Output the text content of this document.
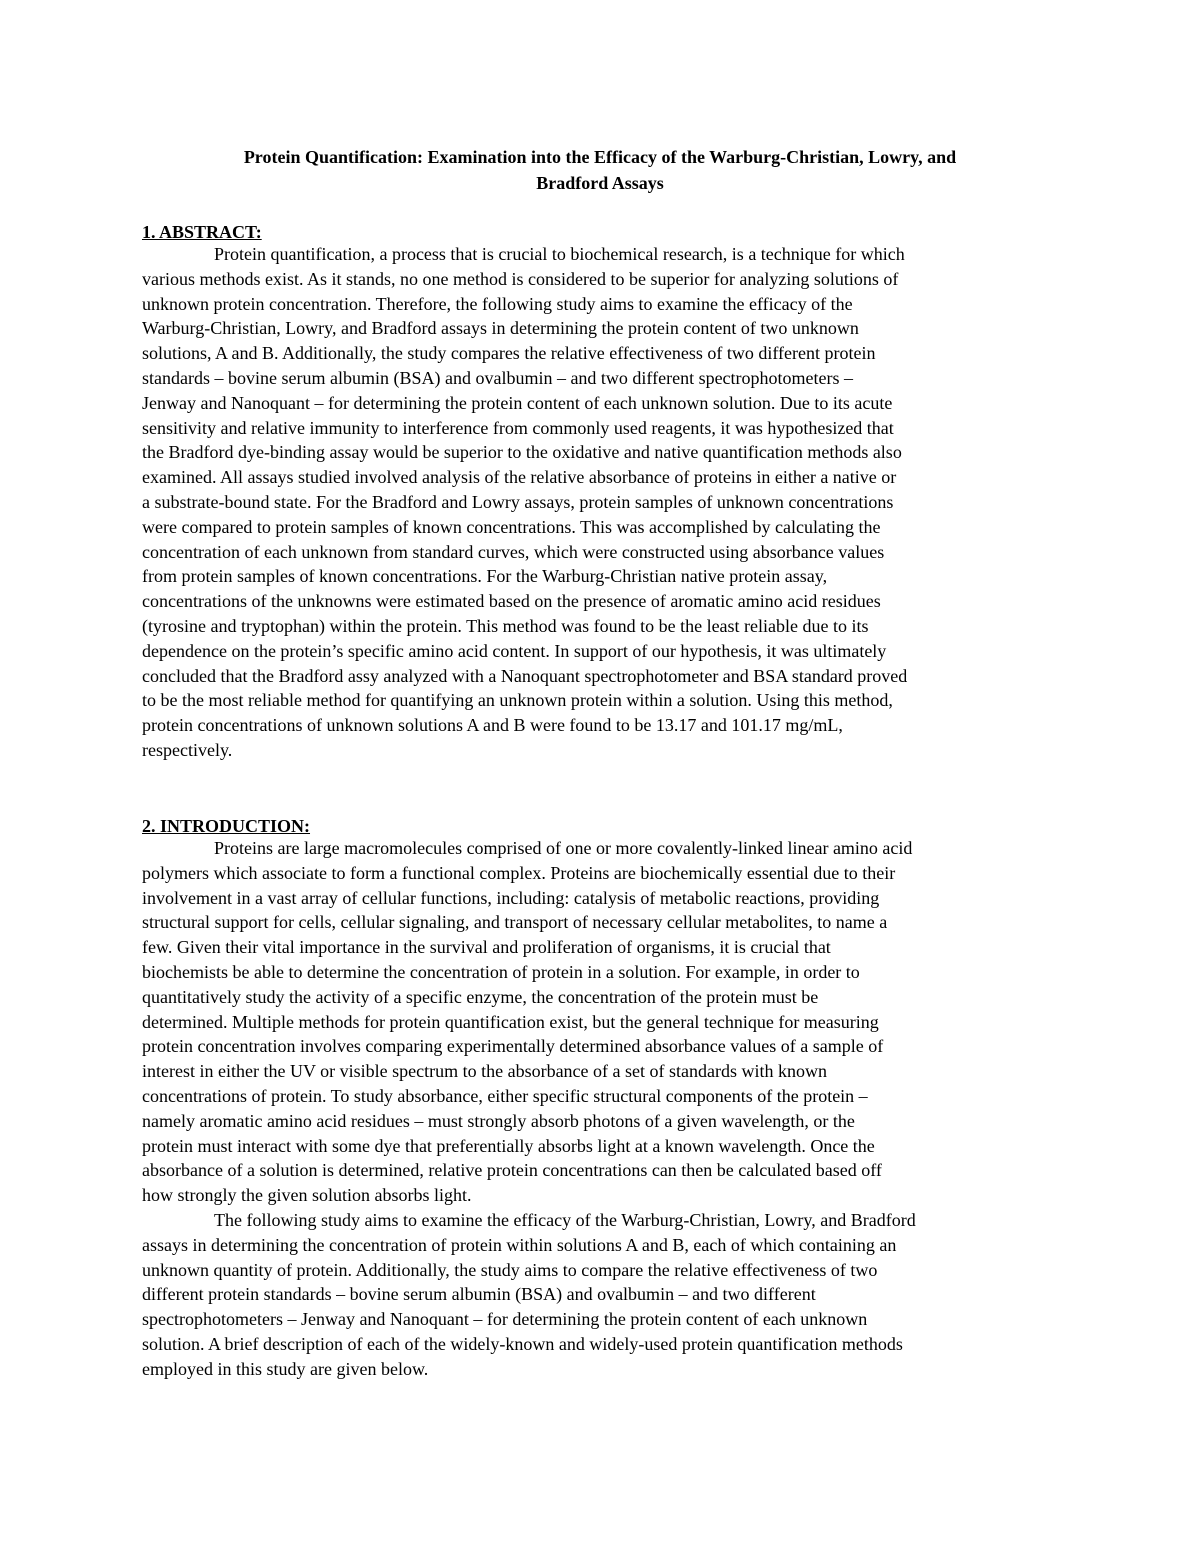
Protein Quantification: Examination into the Efficacy of the Warburg-Christian, Lowry, and
Bradford Assays
1. ABSTRACT:
Protein quantification, a process that is crucial to biochemical research, is a technique for which
various methods exist. As it stands, no one method is considered to be superior for analyzing solutions of
unknown protein concentration. Therefore, the following study aims to examine the efficacy of the
Warburg-Christian, Lowry, and Bradford assays in determining the protein content of two unknown
solutions, A and B. Additionally, the study compares the relative effectiveness of two different protein
standards – bovine serum albumin (BSA) and ovalbumin – and two different spectrophotometers –
Jenway and Nanoquant – for determining the protein content of each unknown solution. Due to its acute
sensitivity and relative immunity to interference from commonly used reagents, it was hypothesized that
the Bradford dye-binding assay would be superior to the oxidative and native quantification methods also
examined. All assays studied involved analysis of the relative absorbance of proteins in either a native or
a substrate-bound state. For the Bradford and Lowry assays, protein samples of unknown concentrations
were compared to protein samples of known concentrations. This was accomplished by calculating the
concentration of each unknown from standard curves, which were constructed using absorbance values
from protein samples of known concentrations. For the Warburg-Christian native protein assay,
concentrations of the unknowns were estimated based on the presence of aromatic amino acid residues
(tyrosine and tryptophan) within the protein. This method was found to be the least reliable due to its
dependence on the protein’s specific amino acid content. In support of our hypothesis, it was ultimately
concluded that the Bradford assy analyzed with a Nanoquant spectrophotometer and BSA standard proved
to be the most reliable method for quantifying an unknown protein within a solution. Using this method,
protein concentrations of unknown solutions A and B were found to be 13.17 and 101.17 mg/mL,
respectively.
2. INTRODUCTION:
Proteins are large macromolecules comprised of one or more covalently-linked linear amino acid
polymers which associate to form a functional complex. Proteins are biochemically essential due to their
involvement in a vast array of cellular functions, including: catalysis of metabolic reactions, providing
structural support for cells, cellular signaling, and transport of necessary cellular metabolites, to name a
few. Given their vital importance in the survival and proliferation of organisms, it is crucial that
biochemists be able to determine the concentration of protein in a solution. For example, in order to
quantitatively study the activity of a specific enzyme, the concentration of the protein must be
determined. Multiple methods for protein quantification exist, but the general technique for measuring
protein concentration involves comparing experimentally determined absorbance values of a sample of
interest in either the UV or visible spectrum to the absorbance of a set of standards with known
concentrations of protein. To study absorbance, either specific structural components of the protein –
namely aromatic amino acid residues – must strongly absorb photons of a given wavelength, or the
protein must interact with some dye that preferentially absorbs light at a known wavelength. Once the
absorbance of a solution is determined, relative protein concentrations can then be calculated based off
how strongly the given solution absorbs light.
The following study aims to examine the efficacy of the Warburg-Christian, Lowry, and Bradford
assays in determining the concentration of protein within solutions A and B, each of which containing an
unknown quantity of protein. Additionally, the study aims to compare the relative effectiveness of two
different protein standards – bovine serum albumin (BSA) and ovalbumin – and two different
spectrophotometers – Jenway and Nanoquant – for determining the protein content of each unknown
solution. A brief description of each of the widely-known and widely-used protein quantification methods
employed in this study are given below.
